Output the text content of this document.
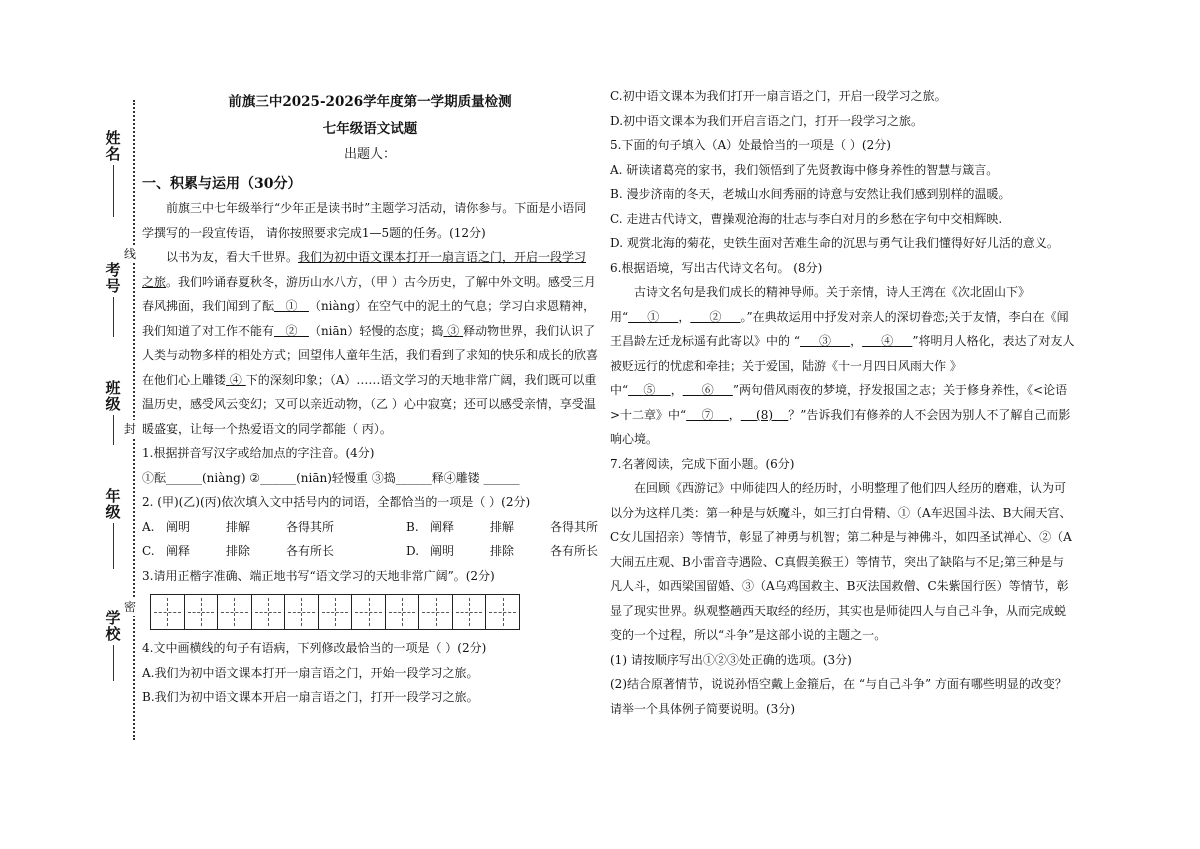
线
封
密
姓名
考号
班级
年级
学校

前旗三中2025-2026学年度第一学期质量检测

七年级语文试题

出题人：

一、积累与运用（30分）

前旗三中七年级举行“少年正是读书时”主题学习活动，请你参与。下面是小语同学撰写的一段宣传语， 请你按照要求完成1—5题的任务。(12分)

以书为友，看大千世界。我们为初中语文课本打开一扇言语之门，开启一段学习之旅。我们吟诵春夏秋冬，游历山水八方，（甲 ）古今历史，了解中外文明。感受三月春风拂面，我们闻到了酝 ① （niàng）在空气中的泥土的气息；学习白求恩精神，我们知道了对工作不能有 ② （niān）轻慢的态度；捣 ③ 释动物世界，我们认识了人类与动物多样的相处方式；回望伟人童年生活，我们看到了求知的快乐和成长的欣喜在他们心上雕镂 ④ 下的深刻印象；（A）……语文学习的天地非常广阔，我们既可以重温历史，感受风云变幻；又可以亲近动物，（乙 ）心中寂寞；还可以感受亲情，享受温暖盛宴，让每一个热爱语文的同学都能（ 丙）。

1.根据拼音写汉字或给加点的字注音。(4分)

①酝______(niàng) ②______(niān)轻慢重 ③捣______释④雕镂 ______

2. (甲)(乙)(丙)依次填入文中括号内的词语，全都恰当的一项是（ ）(2分)

A. 阐明	排解	各得其所	B. 阐释	排解	各得其所
C. 阐释	排除	各有所长	D. 阐明	排除	各有所长

3.请用正楷字准确、端正地书写“语文学习的天地非常广阔”。(2分)

4.文中画横线的句子有语病，下列修改最恰当的一项是（ ）(2分)

A.我们为初中语文课本打开一扇言语之门，开始一段学习之旅。

B.我们为初中语文课本开启一扇言语之门，打开一段学习之旅。

C.初中语文课本为我们打开一扇言语之门，开启一段学习之旅。

D.初中语文课本为我们开启言语之门，打开一段学习之旅。

5.下面的句子填入（A）处最恰当的一项是（ ）(2分)

A. 研读诸葛亮的家书，我们领悟到了先贤教诲中修身养性的智慧与箴言。

B. 漫步济南的冬天，老城山水间秀丽的诗意与安然让我们感到别样的温暖。

C. 走进古代诗文，曹操观沧海的壮志与李白对月的乡愁在字句中交相辉映.

D. 观赏北海的菊花，史铁生面对苦难生命的沉思与勇气让我们懂得好好儿活的意义。

6.根据语境，写出古代诗文名句。 (8分)

古诗文名句是我们成长的精神导师。关于亲情，诗人王湾在《次北固山下》用“ ① ， ② 。”在典故运用中抒发对亲人的深切眷恋;关于友情，李白在《闻王昌龄左迁龙标遥有此寄以》中的 “ ③ ， ④ ”将明月人格化，表达了对友人被贬远行的忧虑和牵挂；关于爱国，陆游《十一月四日风雨大作 》中“ ⑤ ， ⑥ ”两句借风雨夜的梦境，抒发报国之志；关于修身养性，《<论语>十二章》中“ ⑦ ， (8) ？”告诉我们有修养的人不会因为别人不了解自己而影响心境。

7.名著阅读，完成下面小题。(6分)

在回顾《西游记》中师徒四人的经历时，小明整理了他们四人经历的磨难，认为可以分为这样几类：第一种是与妖魔斗，如三打白骨精、①（A车迟国斗法、B大闹天宫、C女儿国招亲）等情节，彰显了神勇与机智；第二种是与神佛斗，如四圣试禅心、②（A大闹五庄观、B小雷音寺遇险、C真假美猴王）等情节，突出了缺陷与不足;第三种是与凡人斗，如西梁国留婚、③（A乌鸡国救主、B灭法国救僧、C朱紫国行医）等情节，彰显了现实世界。纵观整趟西天取经的经历，其实也是师徒四人与自己斗争，从而完成蜕变的一个过程，所以“斗争”是这部小说的主题之一。

(1) 请按顺序写出①②③处正确的选项。(3分)

(2)结合原著情节，说说孙悟空戴上金箍后，在 “与自己斗争” 方面有哪些明显的改变？请举一个具体例子简要说明。(3分)
